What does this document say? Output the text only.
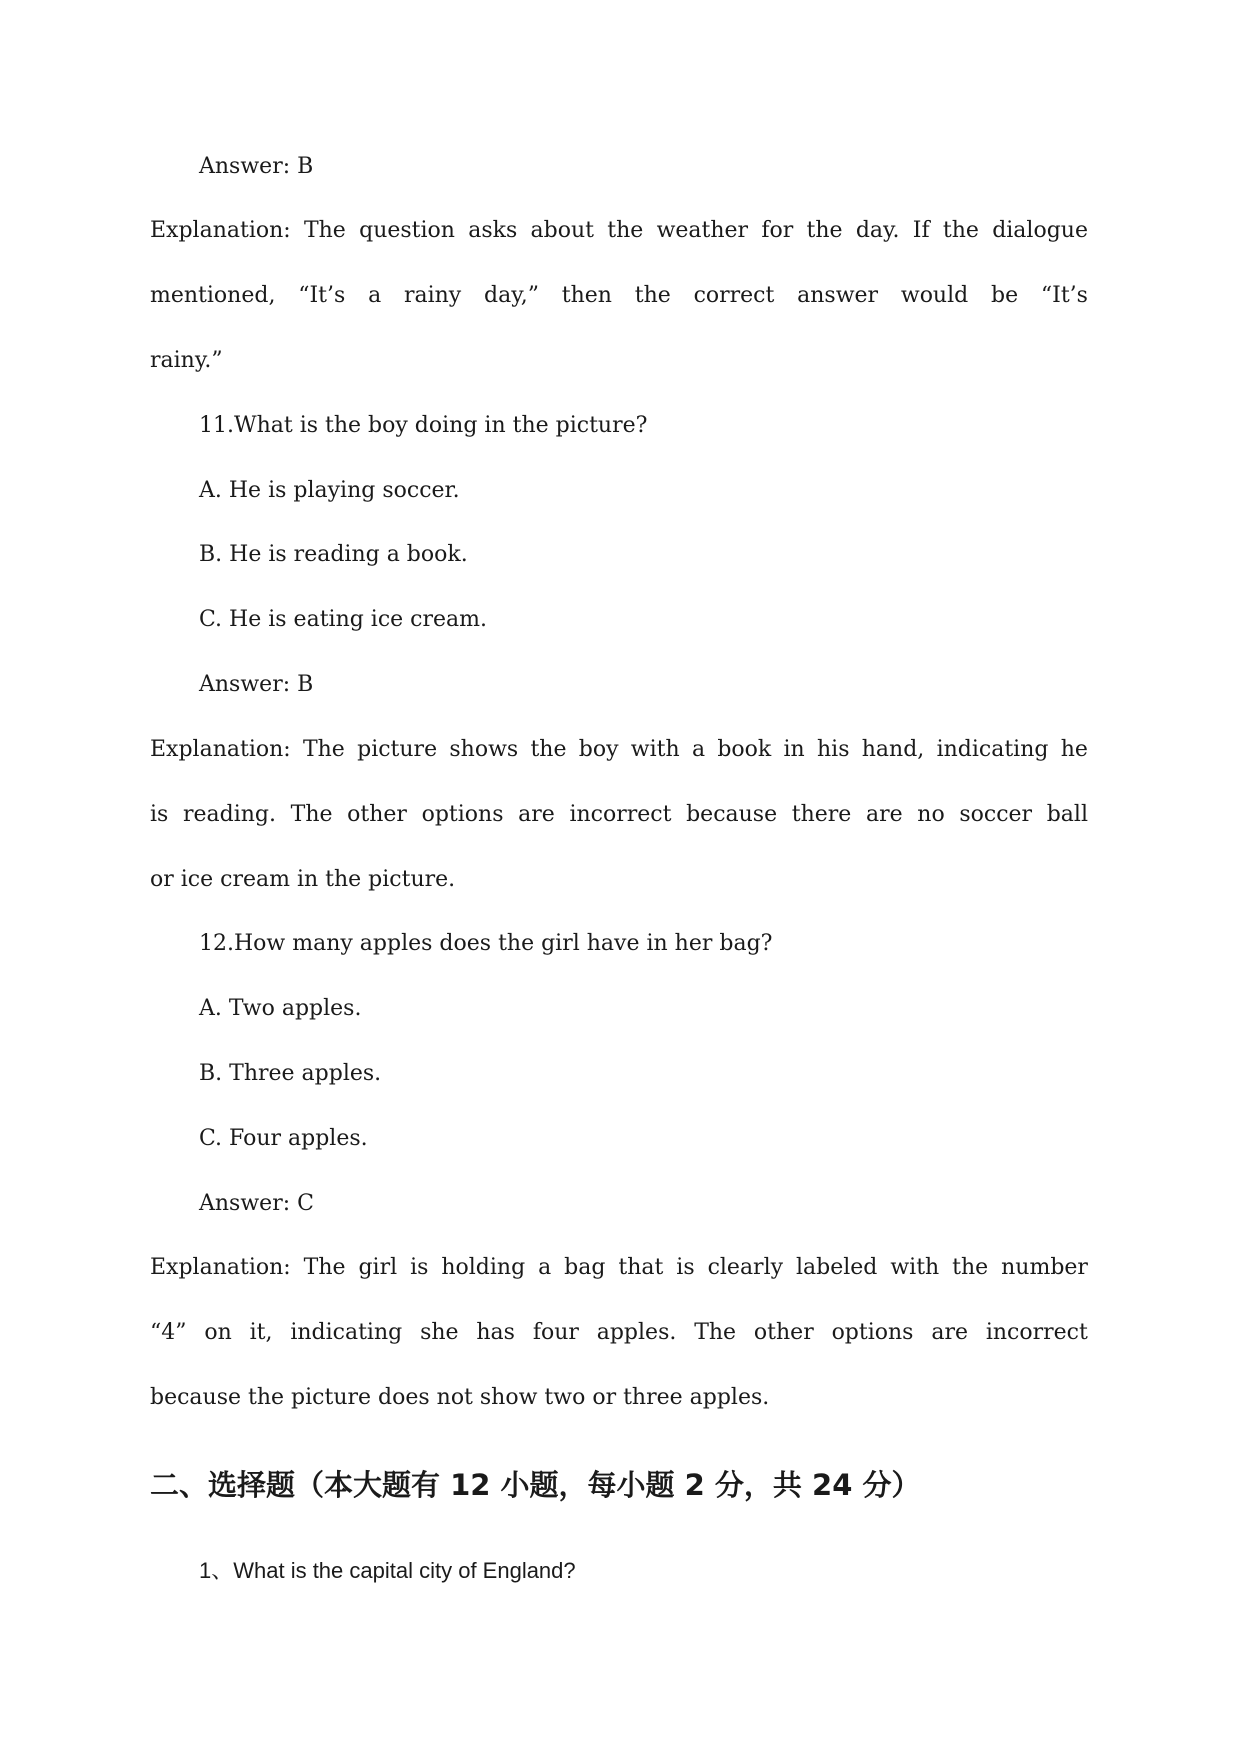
Answer: B
Explanation: The question asks about the weather for the day. If the dialogue
mentioned, “It’s a rainy day,” then the correct answer would be “It’s
rainy.”
11.What is the boy doing in the picture?
A. He is playing soccer.
B. He is reading a book.
C. He is eating ice cream.
Answer: B
Explanation: The picture shows the boy with a book in his hand, indicating he
is reading. The other options are incorrect because there are no soccer ball
or ice cream in the picture.
12.How many apples does the girl have in her bag?
A. Two apples.
B. Three apples.
C. Four apples.
Answer: C
Explanation: The girl is holding a bag that is clearly labeled with the number
“4” on it, indicating she has four apples. The other options are incorrect
because the picture does not show two or three apples.
二、选择题（本大题有 12 小题，每小题 2 分，共 24 分）
1、What is the capital city of England?
